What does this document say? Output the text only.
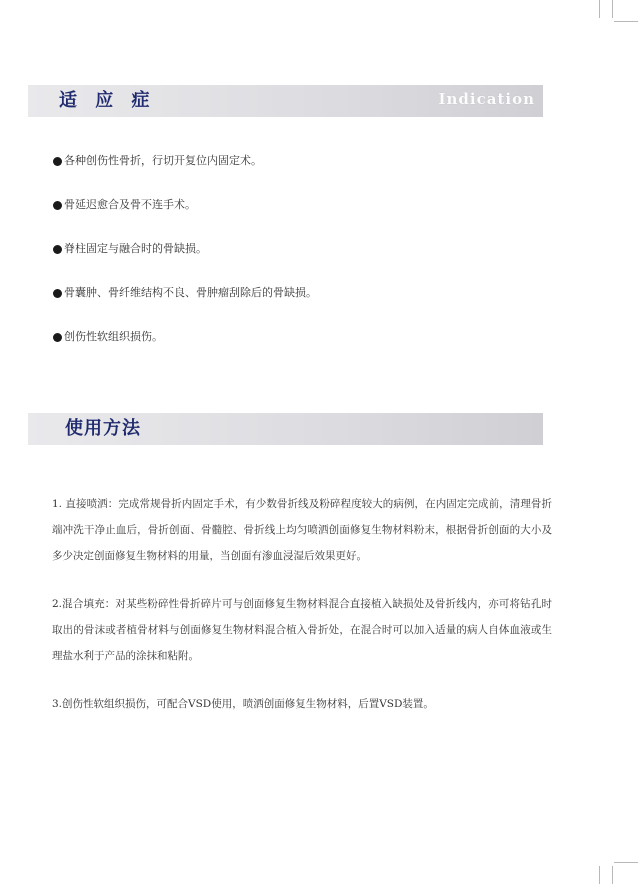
适 应 症	Indication
各种创伤性骨折，行切开复位内固定术。
骨延迟愈合及骨不连手术。
脊柱固定与融合时的骨缺损。
骨囊肿、骨纤维结构不良、骨肿瘤刮除后的骨缺损。
创伤性软组织损伤。
使用方法

1. 直接喷洒：完成常规骨折内固定手术，有少数骨折线及粉碎程度较大的病例，在内固定完成前，清理骨折端冲洗干净止血后，骨折创面、骨髓腔、骨折线上均匀喷洒创面修复生物材料粉末，根据骨折创面的大小及多少决定创面修复生物材料的用量，当创面有渗血浸湿后效果更好。

2.混合填充：对某些粉碎性骨折碎片可与创面修复生物材料混合直接植入缺损处及骨折线内，亦可将钻孔时取出的骨沫或者植骨材料与创面修复生物材料混合植入骨折处，在混合时可以加入适量的病人自体血液或生理盐水利于产品的涂抹和粘附。

3.创伤性软组织损伤，可配合VSD使用，喷洒创面修复生物材料，后置VSD装置。
